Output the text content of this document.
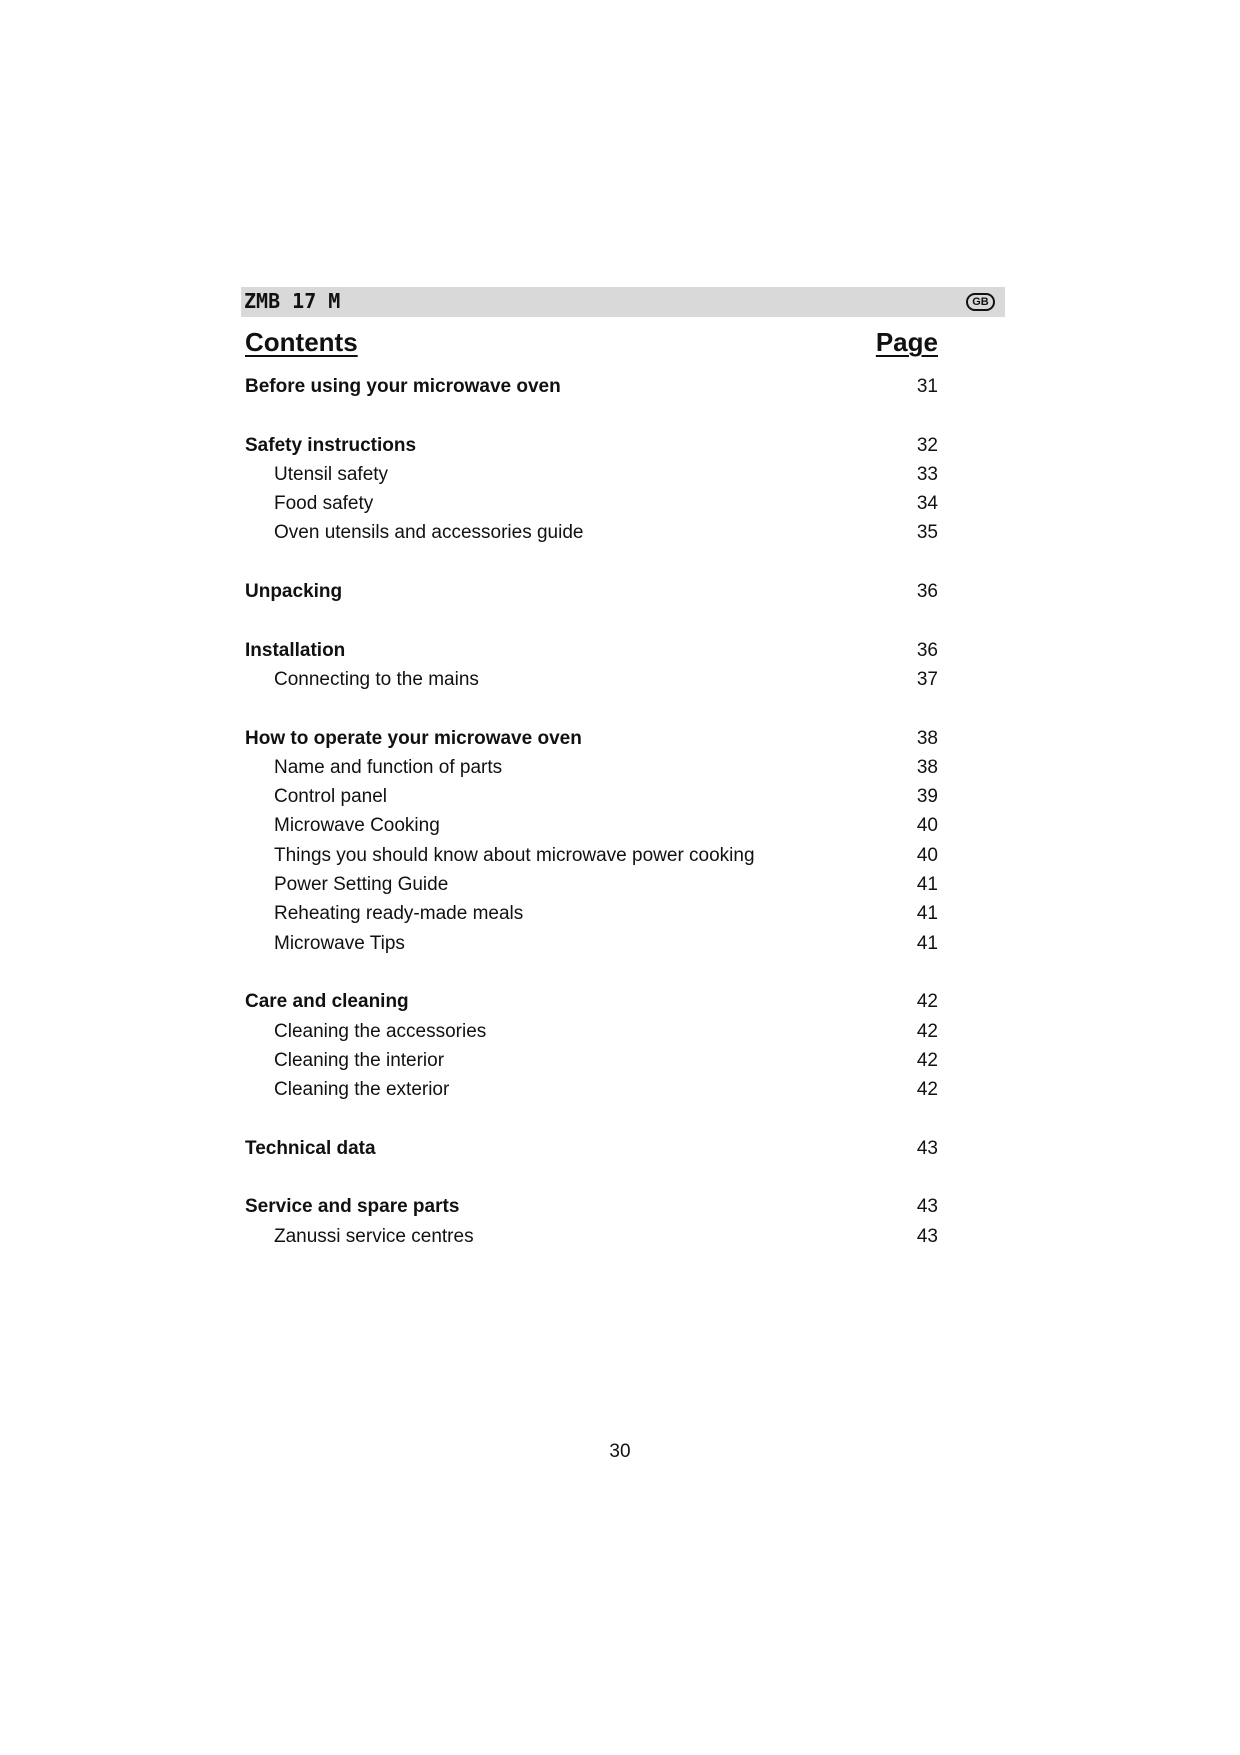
ZMB 17 M	GB
Contents	Page
Before using your microwave oven	31
Safety instructions	32
Utensil safety	33
Food safety	34
Oven utensils and accessories guide	35
Unpacking	36
Installation	36
Connecting to the mains	37
How to operate your microwave oven	38
Name and function of parts	38
Control panel	39
Microwave Cooking	40
Things you should know about microwave power cooking	40
Power Setting Guide	41
Reheating ready-made meals	41
Microwave Tips	41
Care and cleaning	42
Cleaning the accessories	42
Cleaning the interior	42
Cleaning the exterior	42
Technical data	43
Service and spare parts	43
Zanussi service centres	43
30
